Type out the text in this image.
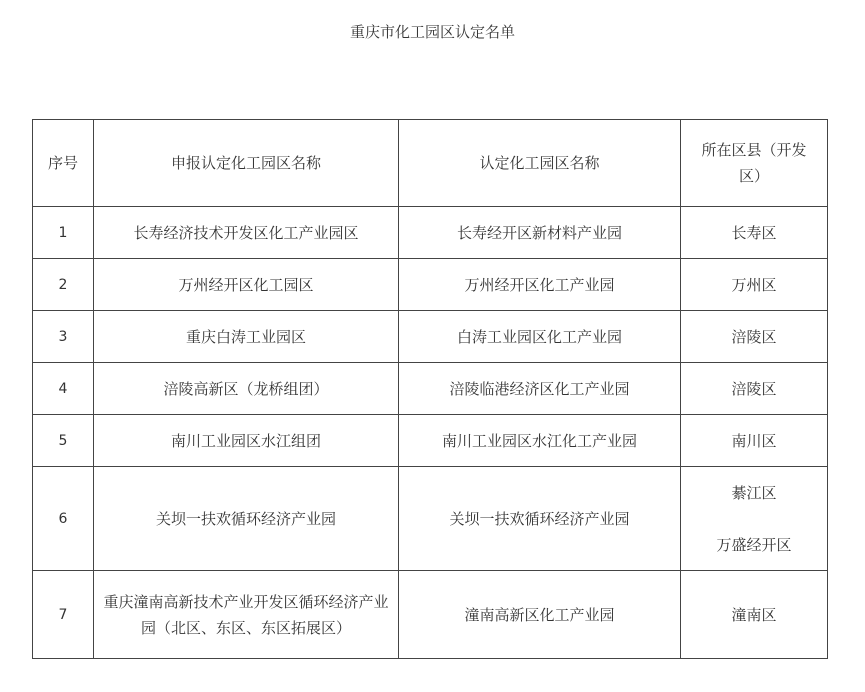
重庆市化工园区认定名单
序号	申报认定化工园区名称	认定化工园区名称	所在区县（开发区）
1	长寿经济技术开发区化工产业园区	长寿经开区新材料产业园	长寿区
2	万州经开区化工园区	万州经开区化工产业园	万州区
3	重庆白涛工业园区	白涛工业园区化工产业园	涪陵区
4	涪陵高新区（龙桥组团）	涪陵临港经济区化工产业园	涪陵区
5	南川工业园区水江组团	南川工业园区水江化工产业园	南川区
6	关坝一扶欢循环经济产业园	关坝一扶欢循环经济产业园	綦江区
万盛经开区

7	重庆潼南高新技术产业开发区循环经济产业园（北区、东区、东区拓展区）	潼南高新区化工产业园	潼南区
